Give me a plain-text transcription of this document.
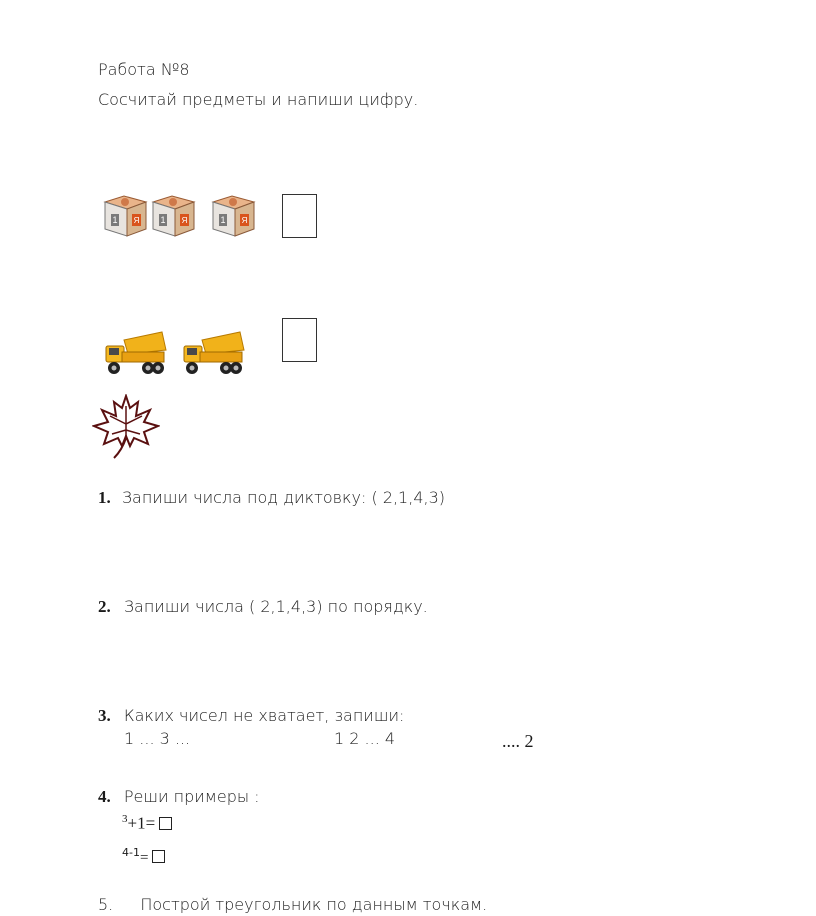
Работа №8
Сосчитай предметы и напиши цифру.
1. Запиши числа под диктовку: ( 2,1,4,3)
2. Запиши числа ( 2,1,4,3) по порядку.
3. Каких чисел не хватает, запиши:
1 ... 3 ...	1 2 ... 4	.... 2
4. Реши примеры :
$^3$+1=
$^{4-1}$=
5. Построй треугольник по данным точкам.
